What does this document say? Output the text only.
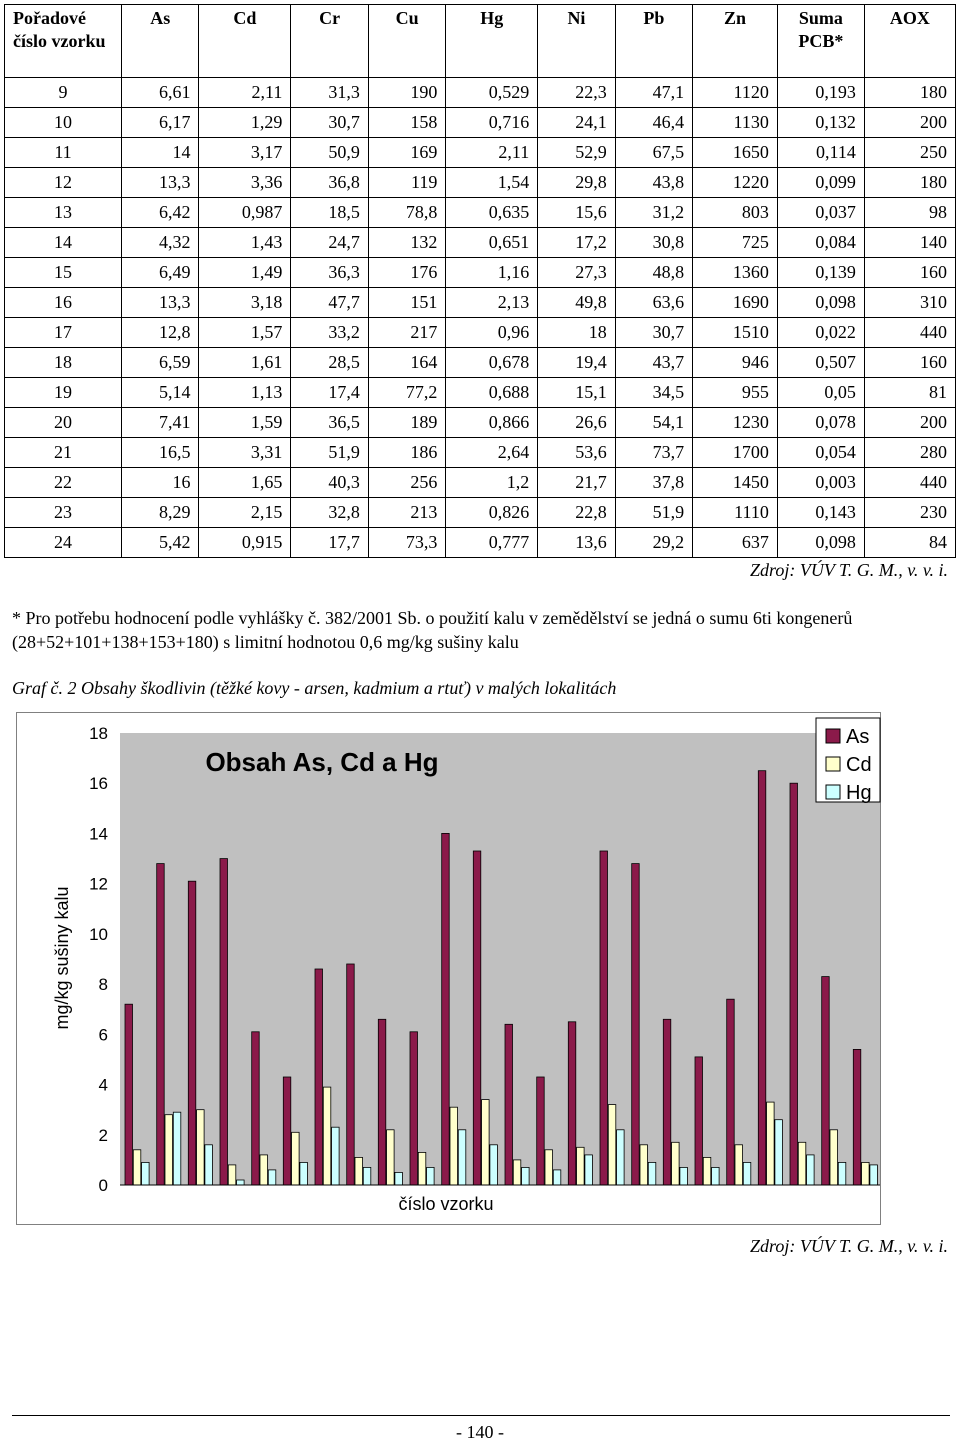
Pořadové číslo vzorku	As	Cd	Cr	Cu	Hg	Ni	Pb	Zn	Suma PCB*	AOX
9	6,61	2,11	31,3	190	0,529	22,3	47,1	1120	0,193	180
10	6,17	1,29	30,7	158	0,716	24,1	46,4	1130	0,132	200
11	14	3,17	50,9	169	2,11	52,9	67,5	1650	0,114	250
12	13,3	3,36	36,8	119	1,54	29,8	43,8	1220	0,099	180
13	6,42	0,987	18,5	78,8	0,635	15,6	31,2	803	0,037	98
14	4,32	1,43	24,7	132	0,651	17,2	30,8	725	0,084	140
15	6,49	1,49	36,3	176	1,16	27,3	48,8	1360	0,139	160
16	13,3	3,18	47,7	151	2,13	49,8	63,6	1690	0,098	310
17	12,8	1,57	33,2	217	0,96	18	30,7	1510	0,022	440
18	6,59	1,61	28,5	164	0,678	19,4	43,7	946	0,507	160
19	5,14	1,13	17,4	77,2	0,688	15,1	34,5	955	0,05	81
20	7,41	1,59	36,5	189	0,866	26,6	54,1	1230	0,078	200
21	16,5	3,31	51,9	186	2,64	53,6	73,7	1700	0,054	280
22	16	1,65	40,3	256	1,2	21,7	37,8	1450	0,003	440
23	8,29	2,15	32,8	213	0,826	22,8	51,9	1110	0,143	230
24	5,42	0,915	17,7	73,3	0,777	13,6	29,2	637	0,098	84
Zdroj: VÚV T. G. M., v. v. i.
* Pro potřebu hodnocení podle vyhlášky č. 382/2001 Sb. o použití kalu v zemědělství se jedná o sumu 6ti kongenerů (28+52+101+138+153+180) s limitní hodnotou 0,6 mg/kg sušiny kalu
Graf č. 2 Obsahy škodlivin (těžké kovy - arsen, kadmium a rtuť) v malých lokalitách
0
2
4
6
8
10
12
14
16
18
Obsah As, Cd a Hg
číslo vzorku
mg/kg sušiny kalu
As
Cd
Hg
Zdroj: VÚV T. G. M., v. v. i.
- 140 -
